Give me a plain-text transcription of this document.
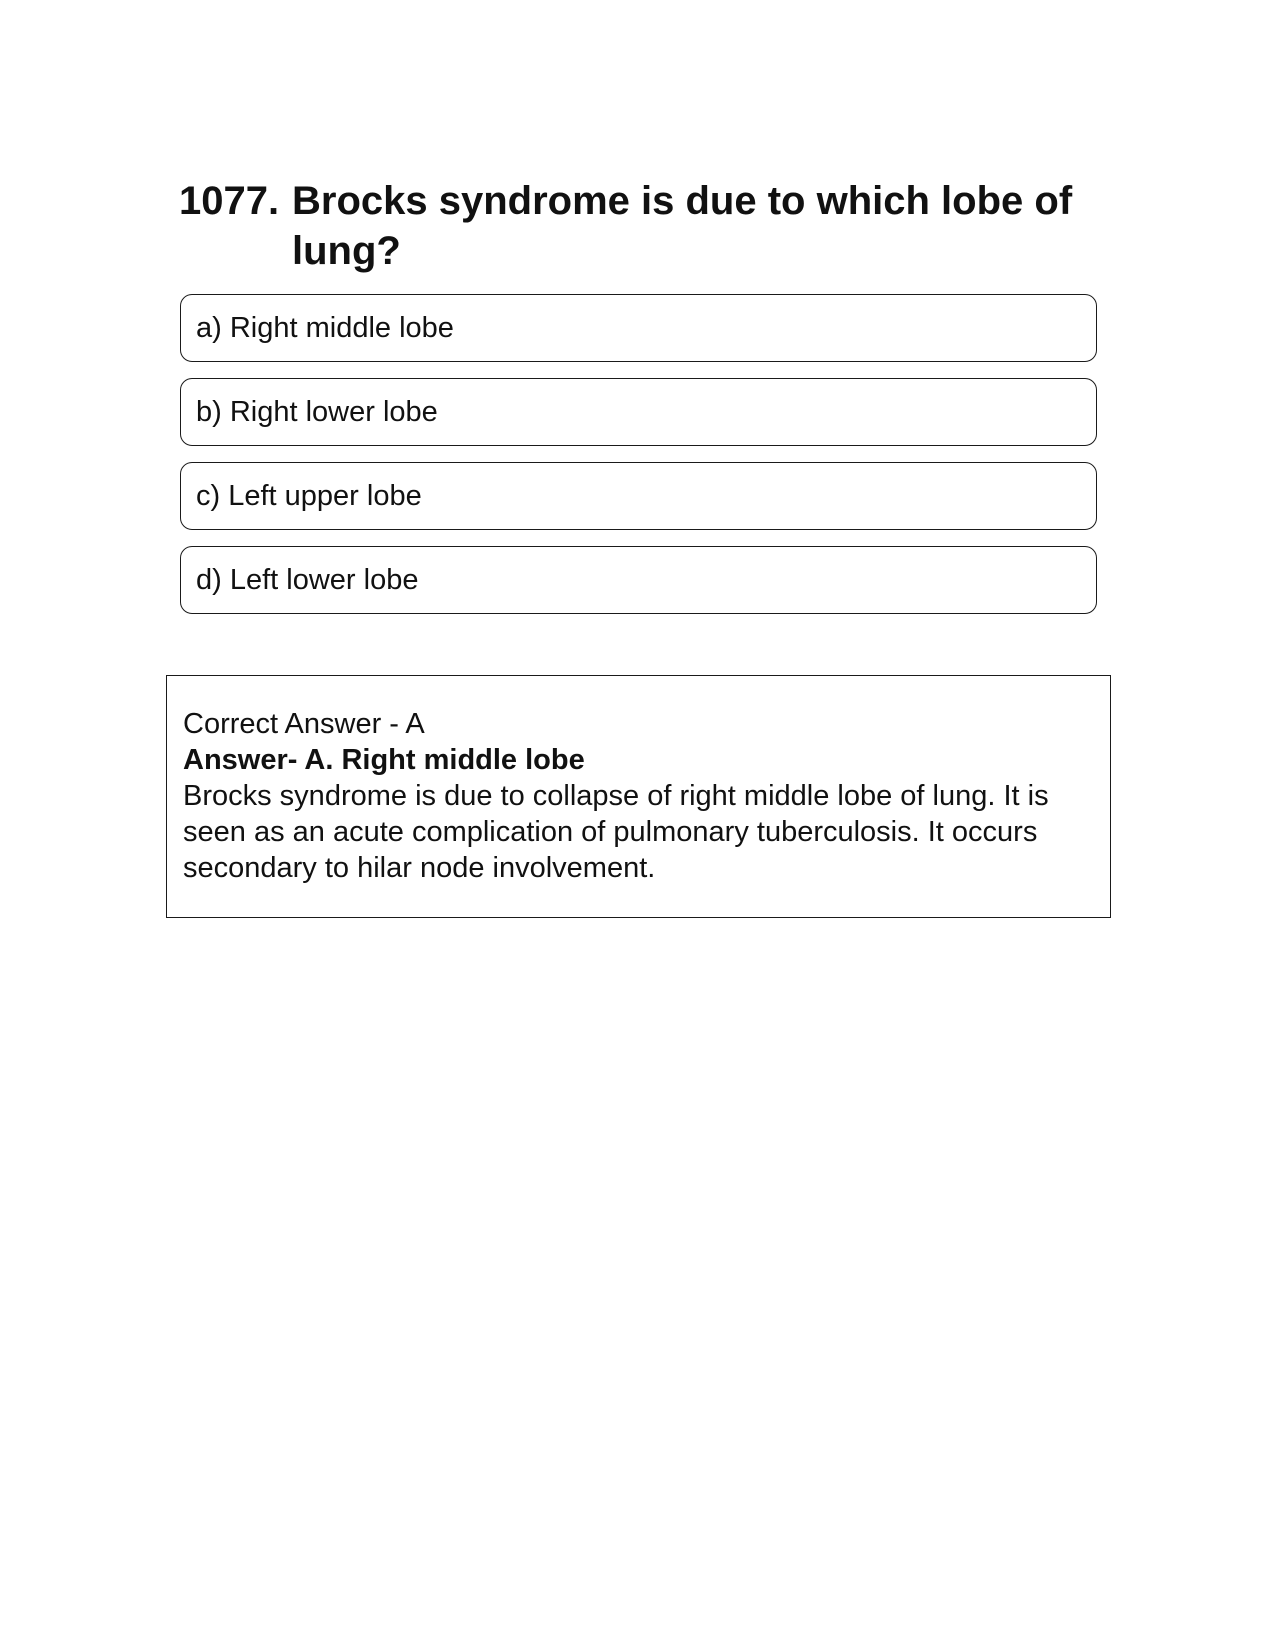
1077. Brocks syndrome is due to which lobe of lung?
a) Right middle lobe
b) Right lower lobe
c) Left upper lobe
d) Left lower lobe
Correct Answer - A
Answer- A. Right middle lobe
Brocks syndrome is due to collapse of right middle lobe of lung. It is seen as an acute complication of pulmonary tuberculosis. It occurs secondary to hilar node involvement.
